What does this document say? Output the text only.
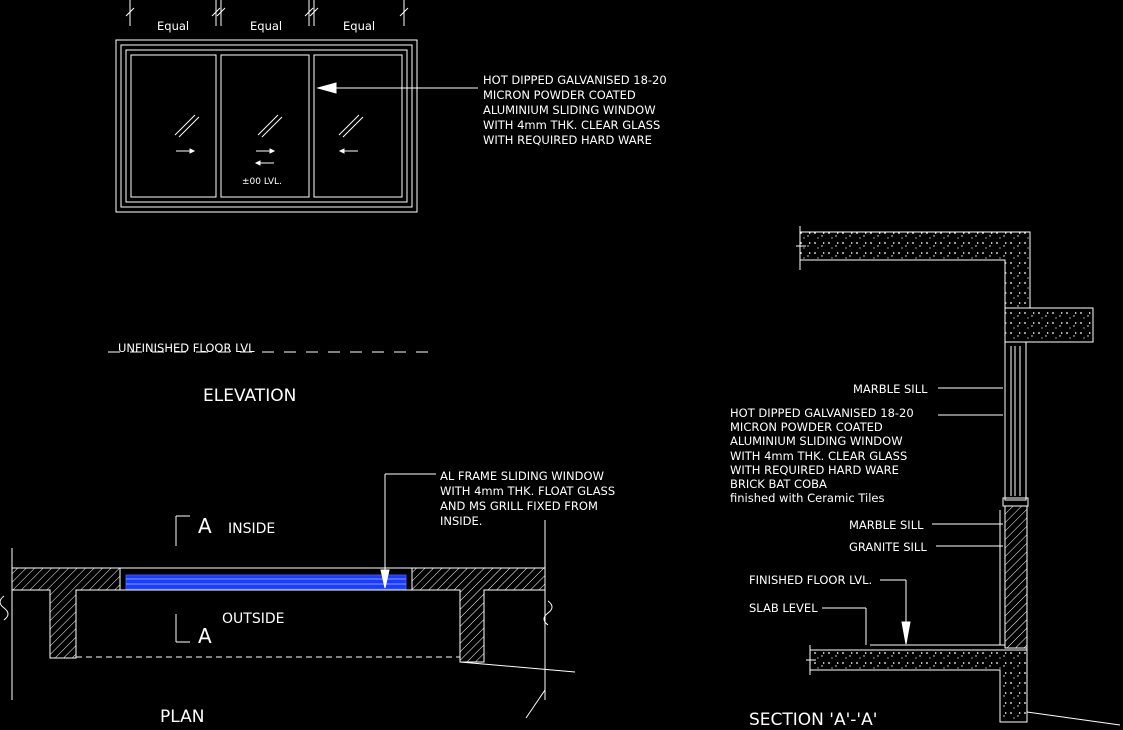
Equal	Equal	Equal
HOT DIPPED GALVANISED 18-20
MICRON POWDER COATED
ALUMINIUM SLIDING WINDOW
WITH 4mm THK. CLEAR GLASS
WITH REQUIRED HARD WARE
±00 LVL.
UNFINISHED FLOOR LVL
ELEVATION
AL FRAME SLIDING WINDOW
WITH 4mm THK. FLOAT GLASS
AND MS GRILL FIXED FROM
INSIDE.
A INSIDE
A
OUTSIDE
PLAN
MARBLE SILL
HOT DIPPED GALVANISED 18-20
MICRON POWDER COATED
ALUMINIUM SLIDING WINDOW
WITH 4mm THK. CLEAR GLASS
WITH REQUIRED HARD WARE
BRICK BAT COBA
finished with Ceramic Tiles
MARBLE SILL
GRANITE SILL
FINISHED FLOOR LVL.
SLAB LEVEL
SECTION 'A'-'A'
